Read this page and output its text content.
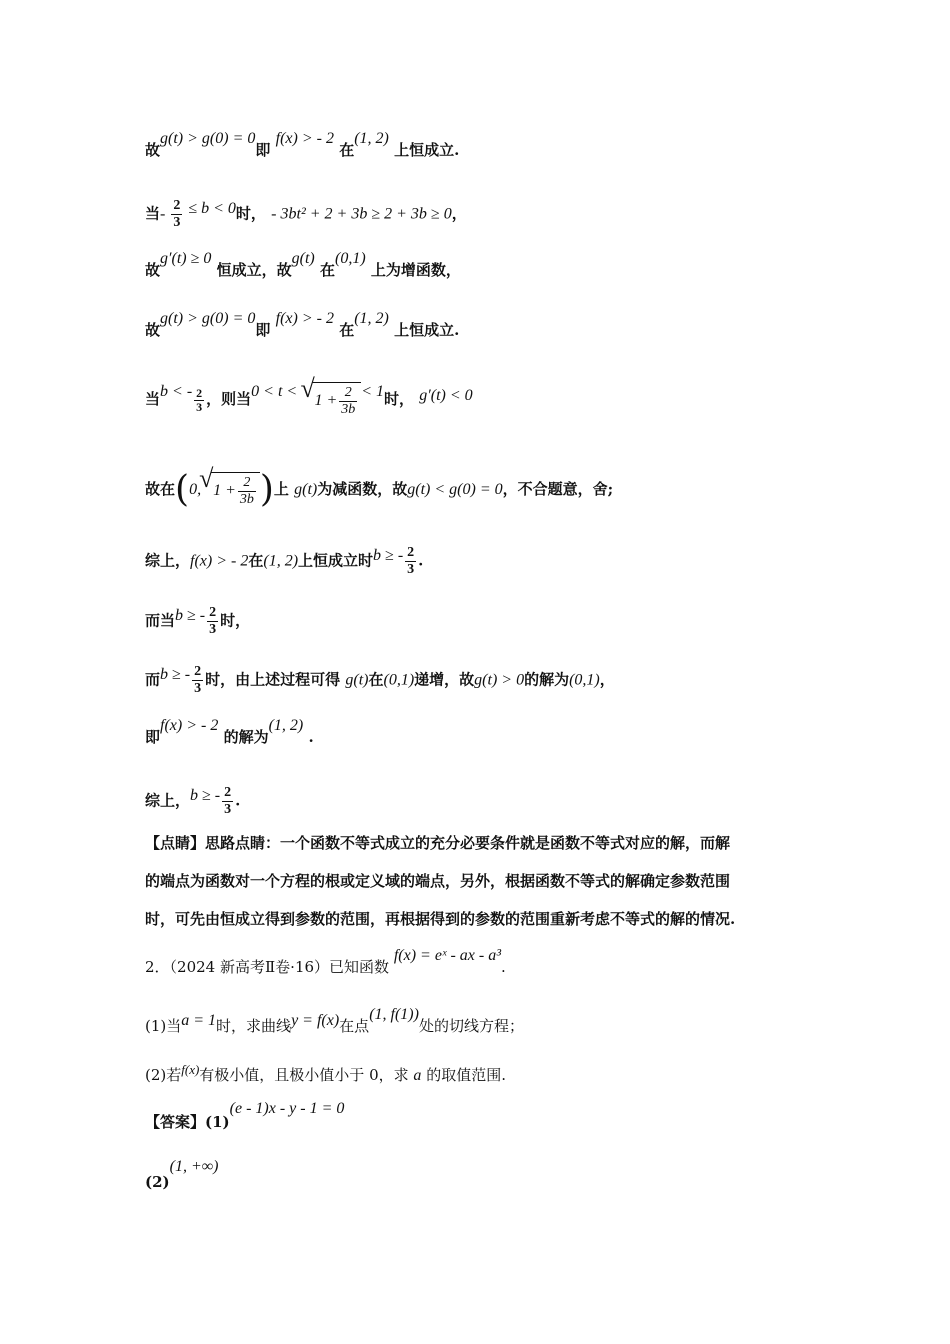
故g(t) > g(0) = 0即 f(x) > - 2 在(1, 2) 上恒成立.
当- $\frac{2}{3} \le b < 0$时， - 3bt² + 2 + 3b ≥ 2 + 3b ≥ 0，
故g′(t) ≥ 0 恒成立，故g(t) 在(0,1) 上为增函数，
故g(t) > g(0) = 0即 f(x) > - 2 在(1, 2) 上恒成立.
当b < - $\frac{2}{3}$ ，则当0 < t < √ $1 + \frac{2}{3b} < 1$时， g′(t) < 0
故在(0,√ $1 + \frac{2}{3b}$ )上 g(t)为减函数，故g(t) < g(0) = 0，不合题意，舍;
综上，f(x) > - 2在(1, 2)上恒成立时b ≥ - $\frac{2}{3}$ .
而当b ≥ - $\frac{2}{3}$ 时，
而b ≥ - $\frac{2}{3}$ 时，由上述过程可得 g(t)在(0,1)递增，故g(t) > 0的解为(0,1)，
即f(x) > - 2 的解为(1, 2) .
综上，b ≥ - $\frac{2}{3}$ .
【点睛】思路点睛：一个函数不等式成立的充分必要条件就是函数不等式对应的解，而解
的端点为函数对一个方程的根或定义域的端点，另外，根据函数不等式的解确定参数范围
时，可先由恒成立得到参数的范围，再根据得到的参数的范围重新考虑不等式的解的情况.
2．（2024 新高考Ⅱ卷·16）已知函数 f(x) = eˣ - ax - a³.
(1)当a = 1时，求曲线y = f(x)在点(1, f(1))处的切线方程；
(2)若f(x)有极小值，且极小值小于 0，求 a 的取值范围.
【答案】(1)(e - 1)x - y - 1 = 0
(2)(1, +∞)
